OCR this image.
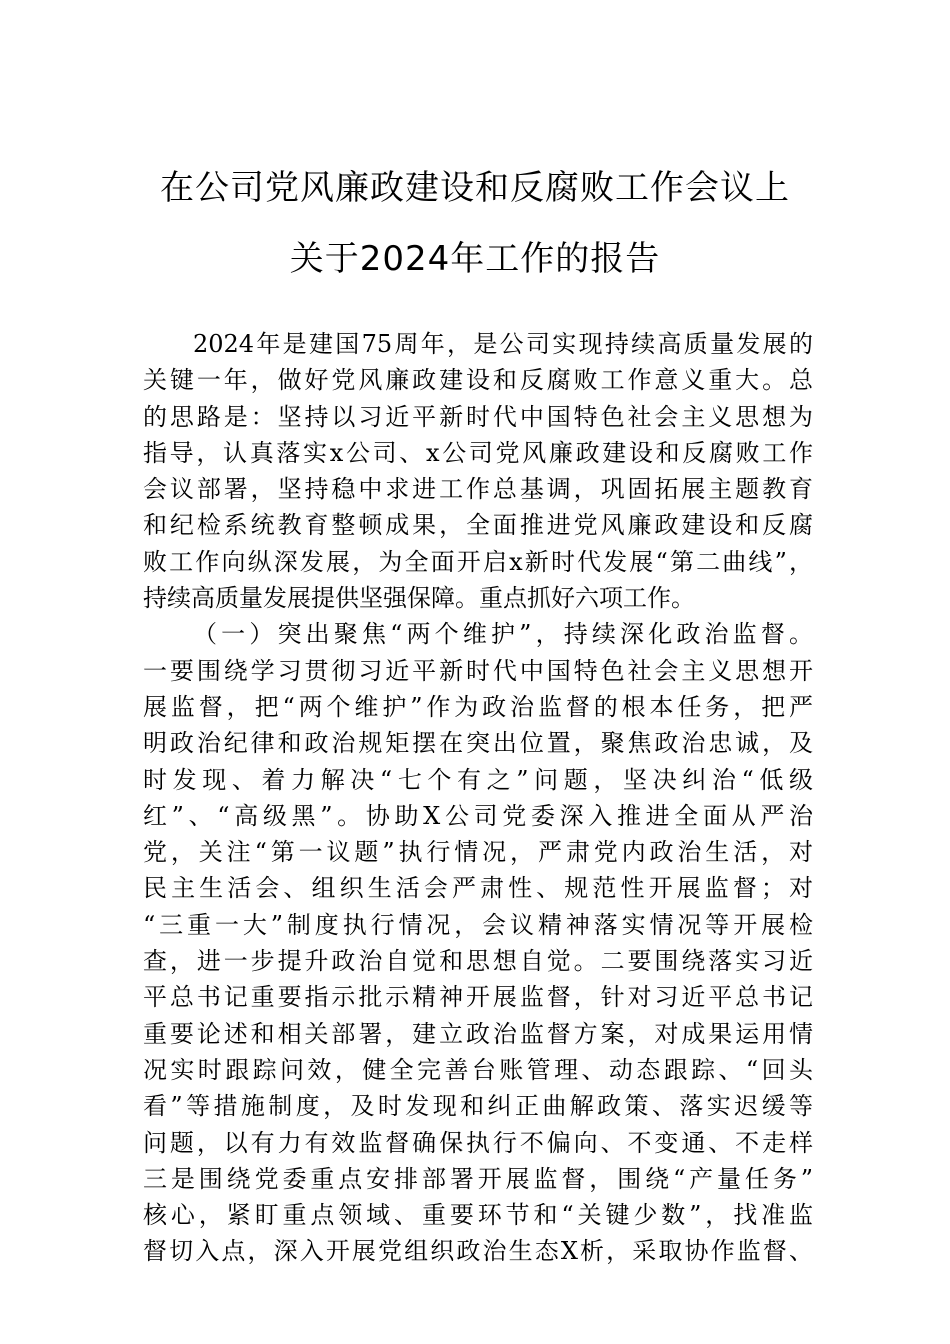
在公司党风廉政建设和反腐败工作会议上
关于2024年工作的报告
2024年是建国75周年，是公司实现持续高质量发展的
关键一年，做好党风廉政建设和反腐败工作意义重大。总
的思路是：坚持以习近平新时代中国特色社会主义思想为
指导，认真落实x公司、x公司党风廉政建设和反腐败工作
会议部署，坚持稳中求进工作总基调，巩固拓展主题教育
和纪检系统教育整顿成果，全面推进党风廉政建设和反腐
败工作向纵深发展，为全面开启x新时代发展“第二曲线”，
持续高质量发展提供坚强保障。重点抓好六项工作。
（一）突出聚焦“两个维护”，持续深化政治监督。
一要围绕学习贯彻习近平新时代中国特色社会主义思想开
展监督，把“两个维护”作为政治监督的根本任务，把严
明政治纪律和政治规矩摆在突出位置，聚焦政治忠诚，及
时发现、着力解决“七个有之”问题，坚决纠治“低级
红”、“高级黑”。协助X公司党委深入推进全面从严治
党，关注“第一议题”执行情况，严肃党内政治生活，对
民主生活会、组织生活会严肃性、规范性开展监督；对
“三重一大”制度执行情况，会议精神落实情况等开展检
查，进一步提升政治自觉和思想自觉。二要围绕落实习近
平总书记重要指示批示精神开展监督，针对习近平总书记
重要论述和相关部署，建立政治监督方案，对成果运用情
况实时跟踪问效，健全完善台账管理、动态跟踪、“回头
看”等措施制度，及时发现和纠正曲解政策、落实迟缓等
问题，以有力有效监督确保执行不偏向、不变通、不走样
三是围绕党委重点安排部署开展监督，围绕“产量任务”
核心，紧盯重点领域、重要环节和“关键少数”，找准监
督切入点，深入开展党组织政治生态X析，采取协作监督、
